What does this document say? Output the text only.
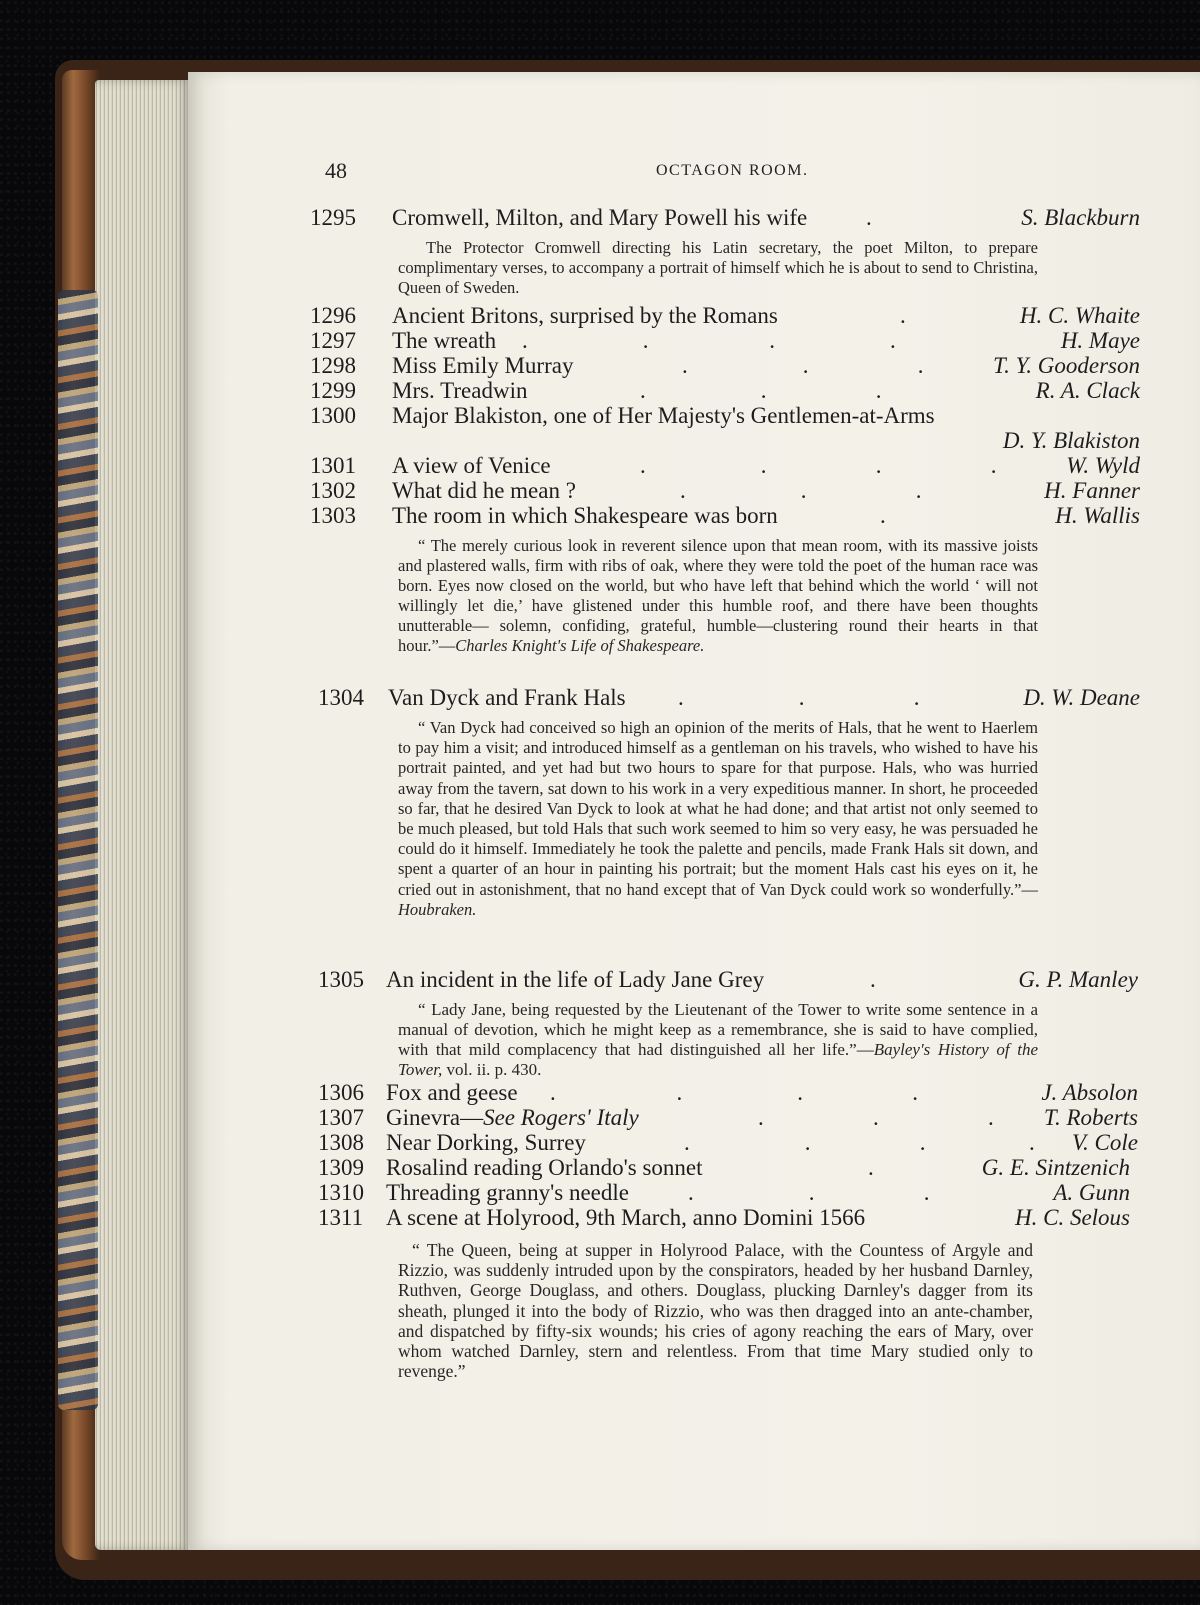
48	OCTAGON ROOM.
1295 Cromwell, Milton, and Mary Powell his wife	.	S. Blackburn
The Protector Cromwell directing his Latin secretary, the poet Milton, to prepare complimentary verses, to accompany a portrait of himself which he is about to send to Christina, Queen of Sweden.
1296 Ancient Britons, surprised by the Romans	.	H. C. Whaite
1297 The wreath .                    .                     .                    .	H. Maye
1298 Miss Emily Murray	.                    .                   .	T. Y. Gooderson
1299 Mrs. Treadwin	.                    .                   .	R. A. Clack
1300 Major Blakiston, one of Her Majesty's Gentlemen-at-Arms
D. Y. Blakiston
1301 A view of Venice	.                    .                   .                   .	W. Wyld
1302 What did he mean ?	.                    .                   .	H. Fanner
1303 The room in which Shakespeare was born	.	H. Wallis
“ The merely curious look in reverent silence upon that mean room, with its massive joists and plastered walls, firm with ribs of oak, where they were told the poet of the human race was born. Eyes now closed on the world, but who have left that behind which the world ‘ will not willingly let die,’ have glistened under this humble roof, and there have been thoughts unutterable— solemn, confiding, grateful, humble—clustering round their hearts in that hour.”—Charles Knight's Life of Shakespeare.
1304 Van Dyck and Frank Hals .                    .                   .	D. W. Deane
“ Van Dyck had conceived so high an opinion of the merits of Hals, that he went to Haerlem to pay him a visit; and introduced himself as a gentleman on his travels, who wished to have his portrait painted, and yet had but two hours to spare for that purpose. Hals, who was hurried away from the tavern, sat down to his work in a very expeditious manner. In short, he proceeded so far, that he desired Van Dyck to look at what he had done; and that artist not only seemed to be much pleased, but told Hals that such work seemed to him so very easy, he was persuaded he could do it himself. Immediately he took the palette and pencils, made Frank Hals sit down, and spent a quarter of an hour in painting his portrait; but the moment Hals cast his eyes on it, he cried out in astonishment, that no hand except that of Van Dyck could work so wonderfully.”—Houbraken.
1305 An incident in the life of Lady Jane Grey	.	G. P. Manley
“ Lady Jane, being requested by the Lieutenant of the Tower to write some sentence in a manual of devotion, which he might keep as a remembrance, she is said to have complied, with that mild complacency that had distinguished all her life.”—Bayley's History of the Tower, vol. ii. p. 430.
1306 Fox and geese .                     .                    .                   .	J. Absolon
1307 Ginevra—See Rogers' Italy	.                   .                   . T. Roberts
1308 Near Dorking, Surrey	.                    .                   .                  . V. Cole
1309 Rosalind reading Orlando's sonnet	.	G. E. Sintzenich
1310 Threading granny's needle	.                    .                   .	A. Gunn
1311 A scene at Holyrood, 9th March, anno Domini 1566	H. C. Selous
“ The Queen, being at supper in Holyrood Palace, with the Countess of Argyle and Rizzio, was suddenly intruded upon by the conspirators, headed by her husband Darnley, Ruthven, George Douglass, and others. Douglass, plucking Darnley's dagger from its sheath, plunged it into the body of Rizzio, who was then dragged into an ante-chamber, and dispatched by fifty-six wounds; his cries of agony reaching the ears of Mary, over whom watched Darnley, stern and relentless. From that time Mary studied only to revenge.”
